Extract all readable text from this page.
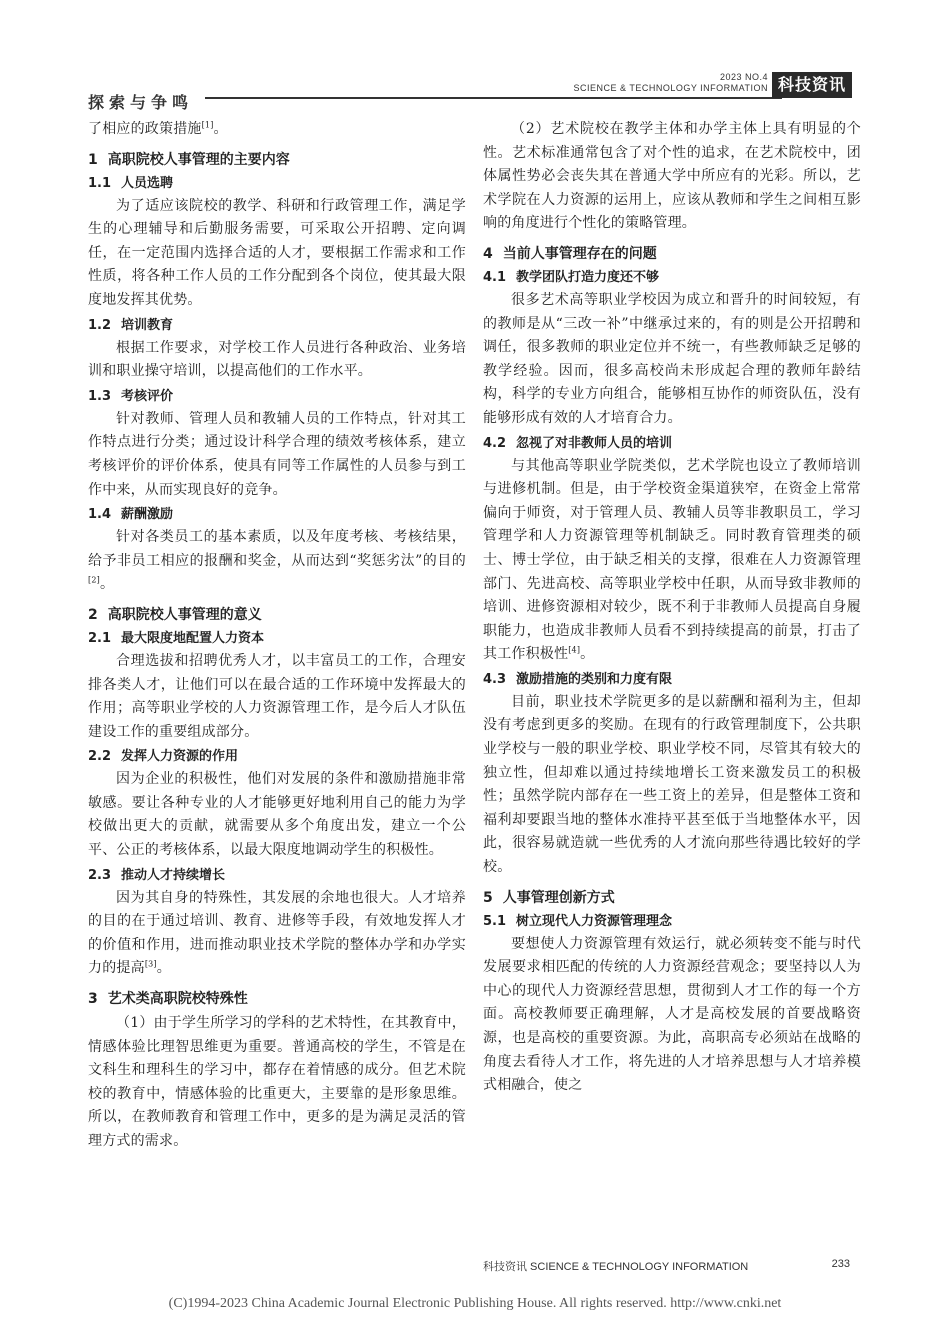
探索与争鸣
2023 NO.4
SCIENCE & TECHNOLOGY INFORMATION 科技资讯

了相应的政策措施[1]。

1 高职院校人事管理的主要内容
1.1 人员选聘

为了适应该院校的教学、科研和行政管理工作，满足学生的心理辅导和后勤服务需要，可采取公开招聘、定向调任，在一定范围内选择合适的人才，要根据工作需求和工作性质，将各种工作人员的工作分配到各个岗位，使其最大限度地发挥其优势。

1.2 培训教育

根据工作要求，对学校工作人员进行各种政治、业务培训和职业操守培训，以提高他们的工作水平。

1.3 考核评价

针对教师、管理人员和教辅人员的工作特点，针对其工作特点进行分类；通过设计科学合理的绩效考核体系，建立考核评价的评价体系，使具有同等工作属性的人员参与到工作中来，从而实现良好的竞争。

1.4 薪酬激励

针对各类员工的基本素质，以及年度考核、考核结果，给予非员工相应的报酬和奖金，从而达到“奖惩劣汰”的目的[2]。

2 高职院校人事管理的意义
2.1 最大限度地配置人力资本

合理选拔和招聘优秀人才，以丰富员工的工作，合理安排各类人才，让他们可以在最合适的工作环境中发挥最大的作用；高等职业学校的人力资源管理工作，是今后人才队伍建设工作的重要组成部分。

2.2 发挥人力资源的作用

因为企业的积极性，他们对发展的条件和激励措施非常敏感。要让各种专业的人才能够更好地利用自己的能力为学校做出更大的贡献，就需要从多个角度出发，建立一个公平、公正的考核体系，以最大限度地调动学生的积极性。

2.3 推动人才持续增长

因为其自身的特殊性，其发展的余地也很大。人才培养的目的在于通过培训、教育、进修等手段，有效地发挥人才的价值和作用，进而推动职业技术学院的整体办学和办学实力的提高[3]。

3 艺术类高职院校特殊性

（1）由于学生所学习的学科的艺术特性，在其教育中，情感体验比理智思维更为重要。普通高校的学生，不管是在文科生和理科生的学习中，都存在着情感的成分。但艺术院校的教育中，情感体验的比重更大，主要靠的是形象思维。所以，在教师教育和管理工作中，更多的是为满足灵活的管理方式的需求。

（2）艺术院校在教学主体和办学主体上具有明显的个性。艺术标准通常包含了对个性的追求，在艺术院校中，团体属性势必会丧失其在普通大学中所应有的光彩。所以，艺术学院在人力资源的运用上，应该从教师和学生之间相互影响的角度进行个性化的策略管理。

4 当前人事管理存在的问题
4.1 教学团队打造力度还不够

很多艺术高等职业学校因为成立和晋升的时间较短，有的教师是从“三改一补”中继承过来的，有的则是公开招聘和调任，很多教师的职业定位并不统一，有些教师缺乏足够的教学经验。因而，很多高校尚未形成起合理的教师年龄结构，科学的专业方向组合，能够相互协作的师资队伍，没有能够形成有效的人才培育合力。

4.2 忽视了对非教师人员的培训

与其他高等职业学院类似，艺术学院也设立了教师培训与进修机制。但是，由于学校资金渠道狭窄，在资金上常常偏向于师资，对于管理人员、教辅人员等非教职员工，学习管理学和人力资源管理等机制缺乏。同时教育管理类的硕士、博士学位，由于缺乏相关的支撑，很难在人力资源管理部门、先进高校、高等职业学校中任职，从而导致非教师的培训、进修资源相对较少，既不利于非教师人员提高自身履职能力，也造成非教师人员看不到持续提高的前景，打击了其工作积极性[4]。

4.3 激励措施的类别和力度有限

目前，职业技术学院更多的是以薪酬和福利为主，但却没有考虑到更多的奖励。在现有的行政管理制度下，公共职业学校与一般的职业学校、职业学校不同，尽管其有较大的独立性，但却难以通过持续地增长工资来激发员工的积极性；虽然学院内部存在一些工资上的差异，但是整体工资和福利却要跟当地的整体水准持平甚至低于当地整体水平，因此，很容易就造就一些优秀的人才流向那些待遇比较好的学校。

5 人事管理创新方式
5.1 树立现代人力资源管理理念

要想使人力资源管理有效运行，就必须转变不能与时代发展要求相匹配的传统的人力资源经营观念；要坚持以人为中心的现代人力资源经营思想，贯彻到人才工作的每一个方面。高校教师要正确理解，人才是高校发展的首要战略资源，也是高校的重要资源。为此，高职高专必须站在战略的角度去看待人才工作，将先进的人才培养思想与人才培养模式相融合，使之

科技资讯 SCIENCE & TECHNOLOGY INFORMATION	233
(C)1994-2023 China Academic Journal Electronic Publishing House. All rights reserved. http://www.cnki.net
